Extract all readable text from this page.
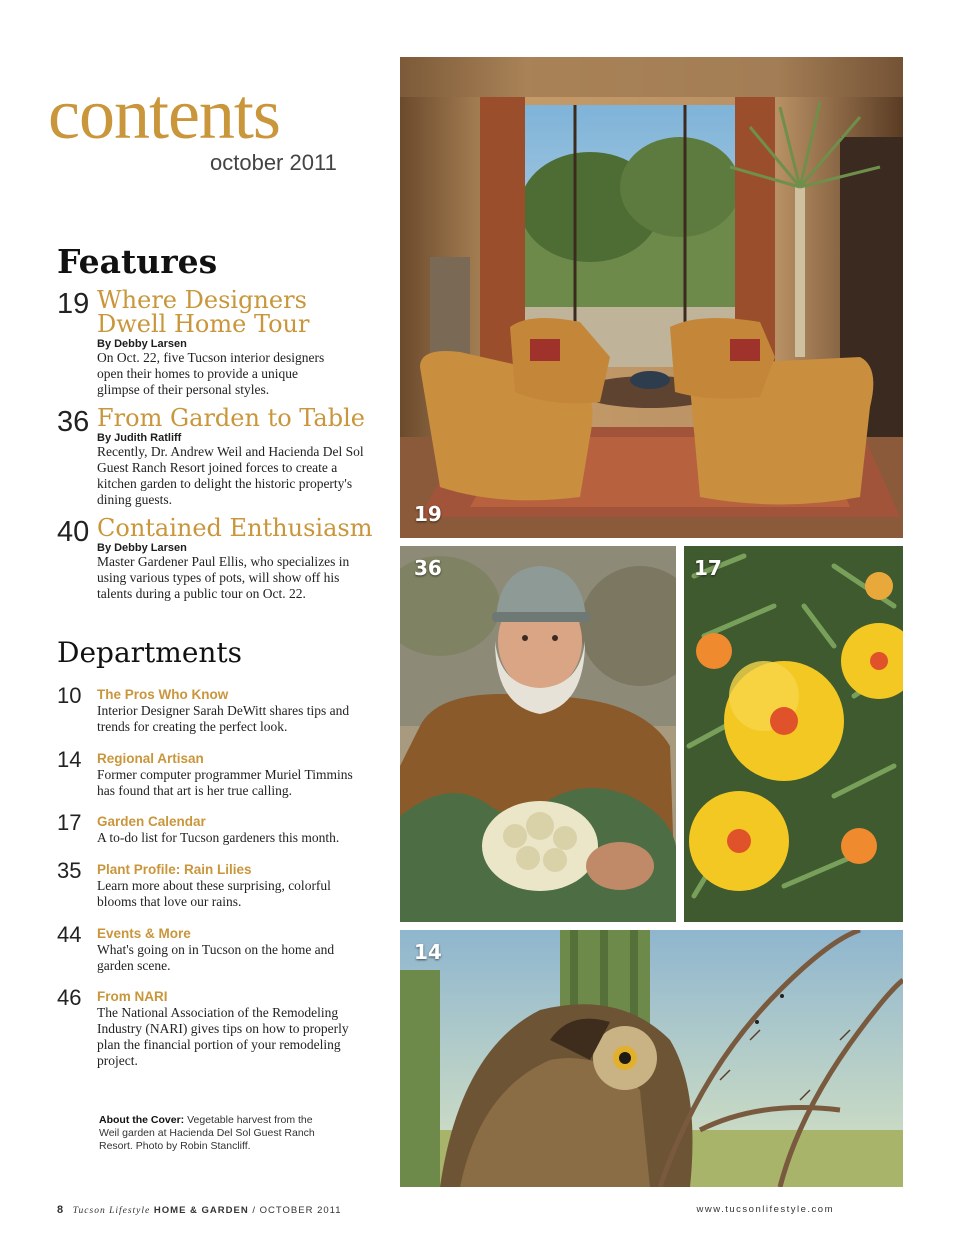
contents
october 2011
Features
19 Where Designers Dwell Home Tour
By Debby Larsen
On Oct. 22, five Tucson interior designers open their homes to provide a unique glimpse of their personal styles.
36 From Garden to Table
By Judith Ratliff
Recently, Dr. Andrew Weil and Hacienda Del Sol Guest Ranch Resort joined forces to create a kitchen garden to delight the historic property's dining guests.
40 Contained Enthusiasm
By Debby Larsen
Master Gardener Paul Ellis, who specializes in using various types of pots, will show off his talents during a public tour on Oct. 22.
Departments
10 The Pros Who Know
Interior Designer Sarah DeWitt shares tips and trends for creating the perfect look.
14 Regional Artisan
Former computer programmer Muriel Timmins has found that art is her true calling.
17 Garden Calendar
A to-do list for Tucson gardeners this month.
35 Plant Profile: Rain Lilies
Learn more about these surprising, colorful blooms that love our rains.
44 Events & More
What's going on in Tucson on the home and garden scene.
46 From NARI
The National Association of the Remodeling Industry (NARI) gives tips on how to properly plan the financial portion of your remodeling project.
About the Cover: Vegetable harvest from the Weil garden at Hacienda Del Sol Guest Ranch Resort. Photo by Robin Stancliff.
19
36	17
14
8 Tucson Lifestyle HOME & GARDEN / OCTOBER 2011	www.tucsonlifestyle.com
